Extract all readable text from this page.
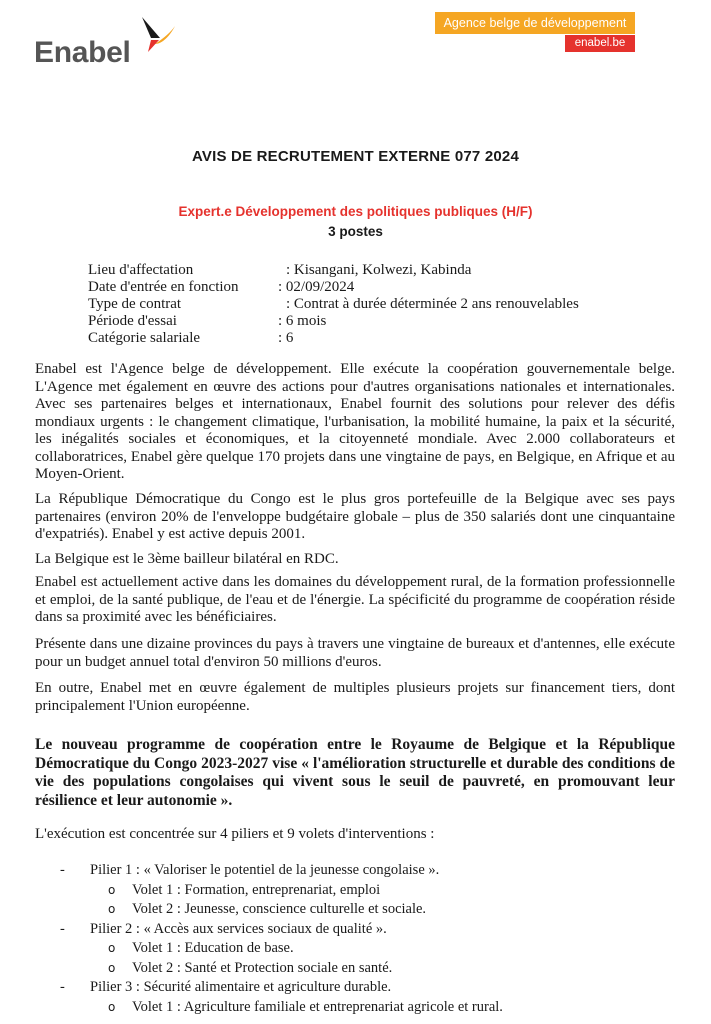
Enabel
Agence belge de développement
enabel.be
AVIS DE RECRUTEMENT EXTERNE 077 2024
Expert.e Développement des politiques publiques (H/F)
3 postes
Lieu d'affectation	: Kisangani, Kolwezi, Kabinda
Date d'entrée en fonction	: 02/09/2024
Type de contrat	: Contrat à durée déterminée 2 ans renouvelables
Période d'essai	: 6 mois
Catégorie salariale	: 6

Enabel est l'Agence belge de développement. Elle exécute la coopération gouvernementale belge. L'Agence met également en œuvre des actions pour d'autres organisations nationales et internationales. Avec ses partenaires belges et internationaux, Enabel fournit des solutions pour relever des défis mondiaux urgents : le changement climatique, l'urbanisation, la mobilité humaine, la paix et la sécurité, les inégalités sociales et économiques, et la citoyenneté mondiale. Avec 2.000 collaborateurs et collaboratrices, Enabel gère quelque 170 projets dans une vingtaine de pays, en Belgique, en Afrique et au Moyen-Orient.

La République Démocratique du Congo est le plus gros portefeuille de la Belgique avec ses pays partenaires (environ 20% de l'enveloppe budgétaire globale – plus de 350 salariés dont une cinquantaine d'expatriés). Enabel y est active depuis 2001.

La Belgique est le 3ème bailleur bilatéral en RDC.

Enabel est actuellement active dans les domaines du développement rural, de la formation professionnelle et emploi, de la santé publique, de l'eau et de l'énergie. La spécificité du programme de coopération réside dans sa proximité avec les bénéficiaires.

Présente dans une dizaine provinces du pays à travers une vingtaine de bureaux et d'antennes, elle exécute pour un budget annuel total d'environ 50 millions d'euros.

En outre, Enabel met en œuvre également de multiples plusieurs projets sur financement tiers, dont principalement l'Union européenne.

Le nouveau programme de coopération entre le Royaume de Belgique et la République Démocratique du Congo 2023-2027 vise « l'amélioration structurelle et durable des conditions de vie des populations congolaises qui vivent sous le seuil de pauvreté, en promouvant leur résilience et leur autonomie ».

L'exécution est concentrée sur 4 piliers et 9 volets d'interventions :

- Pilier 1 : « Valoriser le potentiel de la jeunesse congolaise ».
o Volet 1 : Formation, entreprenariat, emploi
o Volet 2 : Jeunesse, conscience culturelle et sociale.
- Pilier 2 : « Accès aux services sociaux de qualité ».
o Volet 1 : Education de base.
o Volet 2 : Santé et Protection sociale en santé.
- Pilier 3 : Sécurité alimentaire et agriculture durable.
o Volet 1 : Agriculture familiale et entreprenariat agricole et rural.
